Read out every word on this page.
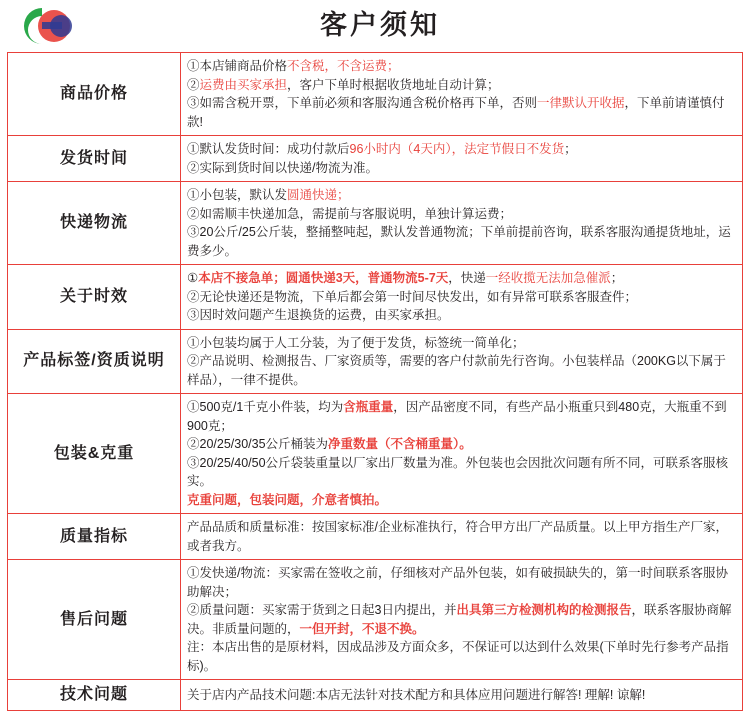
客户须知
商品价格	①本店铺商品价格不含税，不含运费；

②运费由买家承担，客户下单时根据收货地址自动计算；

③如需含税开票，下单前必须和客服沟通含税价格再下单，否则一律默认开收据，下单前请谨慎付款!

发货时间	①默认发货时间：成功付款后96小时内（4天内），法定节假日不发货；

②实际到货时间以快递/物流为准。

快递物流	①小包装，默认发圆通快递；

②如需顺丰快递加急，需提前与客服说明，单独计算运费；

③20公斤/25公斤装，整捅整吨起，默认发普通物流；下单前提前咨询，联系客服沟通提货地址，运费多少。

关于时效	①本店不接急单；圆通快递3天，普通物流5-7天，快递一经收揽无法加急催派；

②无论快递还是物流，下单后都会第一时间尽快发出，如有异常可联系客服查件；

③因时效问题产生退换货的运费，由买家承担。

产品标签/资质说明	①小包装均属于人工分装，为了便于发货，标签统一简单化；

②产品说明、检测报告、厂家资质等，需要的客户付款前先行咨询。小包装样品（200KG以下属于样品），一律不提供。

包装&克重	①500克/1千克小件装，均为含瓶重量，因产品密度不同，有些产品小瓶重只到480克，大瓶重不到900克；

②20/25/30/35公斤桶装为净重数量（不含桶重量）。

③20/25/40/50公斤袋装重量以厂家出厂数量为准。外包装也会因批次问题有所不同，可联系客服核实。

克重问题，包装问题，介意者慎拍。

质量指标	产品品质和质量标准：按国家标准/企业标准执行，符合甲方出厂产品质量。以上甲方指生产厂家，或者我方。

售后问题	①发快递/物流：买家需在签收之前，仔细核对产品外包装，如有破损缺失的，第一时间联系客服协助解决；

②质量问题：买家需于货到之日起3日内提出，并出具第三方检测机构的检测报告，联系客服协商解决。非质量问题的，一但开封，不退不换。

注：本店出售的是原材料，因成品涉及方面众多，不保证可以达到什么效果(下单时先行参考产品指标)。

技术问题	关于店内产品技术问题:本店无法针对技术配方和具体应用问题进行解答! 理解! 谅解!
